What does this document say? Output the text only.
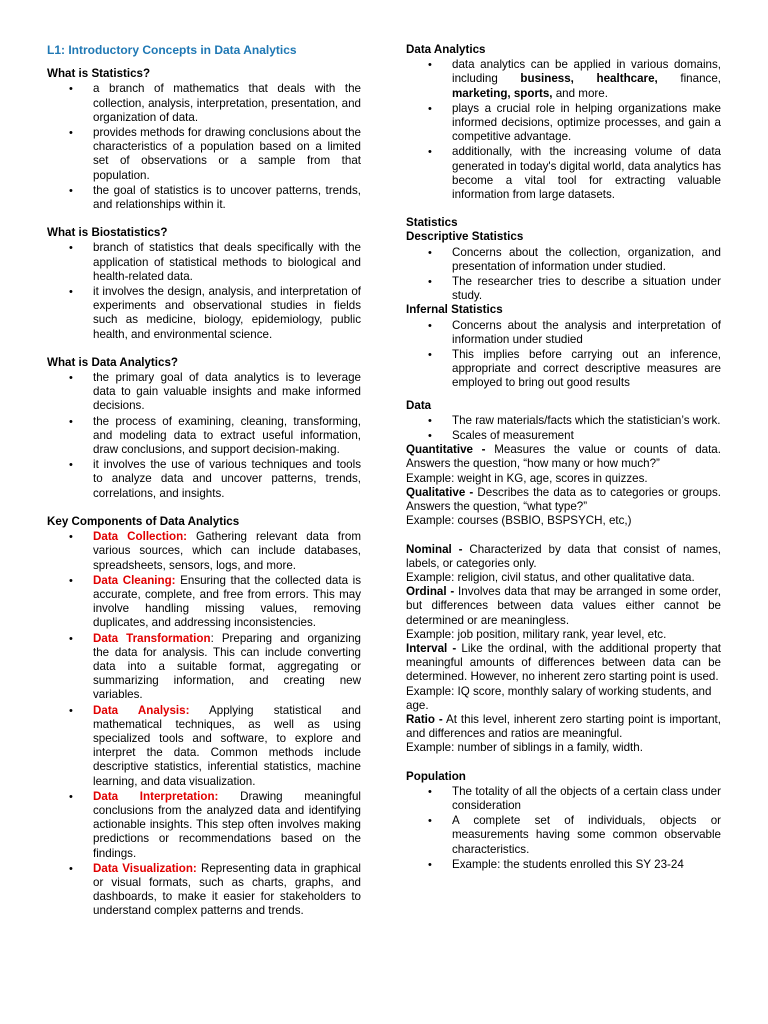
L1: Introductory Concepts in Data Analytics
What is Statistics?
• a branch of mathematics that deals with the collection, analysis, interpretation, presentation, and organization of data.
• provides methods for drawing conclusions about the characteristics of a population based on a limited set of observations or a sample from that population.
• the goal of statistics is to uncover patterns, trends, and relationships within it.
What is Biostatistics?
• branch of statistics that deals specifically with the application of statistical methods to biological and health-related data.
• it involves the design, analysis, and interpretation of experiments and observational studies in fields such as medicine, biology, epidemiology, public health, and environmental science.
What is Data Analytics?
• the primary goal of data analytics is to leverage data to gain valuable insights and make informed decisions.
• the process of examining, cleaning, transforming, and modeling data to extract useful information, draw conclusions, and support decision-making.
• it involves the use of various techniques and tools to analyze data and uncover patterns, trends, correlations, and insights.
Key Components of Data Analytics
• Data Collection: Gathering relevant data from various sources, which can include databases, spreadsheets, sensors, logs, and more.
• Data Cleaning: Ensuring that the collected data is accurate, complete, and free from errors. This may involve handling missing values, removing duplicates, and addressing inconsistencies.
• Data Transformation: Preparing and organizing the data for analysis. This can include converting data into a suitable format, aggregating or summarizing information, and creating new variables.
• Data Analysis: Applying statistical and mathematical techniques, as well as using specialized tools and software, to explore and interpret the data. Common methods include descriptive statistics, inferential statistics, machine learning, and data visualization.
• Data Interpretation: Drawing meaningful conclusions from the analyzed data and identifying actionable insights. This step often involves making predictions or recommendations based on the findings.
• Data Visualization: Representing data in graphical or visual formats, such as charts, graphs, and dashboards, to make it easier for stakeholders to understand complex patterns and trends.
Data Analytics
• data analytics can be applied in various domains, including business, healthcare, finance, marketing, sports, and more.
• plays a crucial role in helping organizations make informed decisions, optimize processes, and gain a competitive advantage.
• additionally, with the increasing volume of data generated in today's digital world, data analytics has become a vital tool for extracting valuable information from large datasets.
Statistics
Descriptive Statistics
• Concerns about the collection, organization, and presentation of information under studied.
• The researcher tries to describe a situation under study.
Infernal Statistics
• Concerns about the analysis and interpretation of information under studied
• This implies before carrying out an inference, appropriate and correct descriptive measures are employed to bring out good results
Data
• The raw materials/facts which the statistician’s work.
• Scales of measurement

Quantitative - Measures the value or counts of data. Answers the question, “how many or how much?”

Example: weight in KG, age, scores in quizzes.

Qualitative - Describes the data as to categories or groups. Answers the question, “what type?”

Example: courses (BSBIO, BSPSYCH, etc,)

Nominal - Characterized by data that consist of names, labels, or categories only.

Example: religion, civil status, and other qualitative data.

Ordinal - Involves data that may be arranged in some order, but differences between data values either cannot be determined or are meaningless.

Example: job position, military rank, year level, etc.

Interval - Like the ordinal, with the additional property that meaningful amounts of differences between data can be determined. However, no inherent zero starting point is used.

Example: IQ score, monthly salary of working students, and age.

Ratio - At this level, inherent zero starting point is important, and differences and ratios are meaningful.

Example: number of siblings in a family, width.

Population
• The totality of all the objects of a certain class under consideration
• A complete set of individuals, objects or measurements having some common observable characteristics.
• Example: the students enrolled this SY 23-24
